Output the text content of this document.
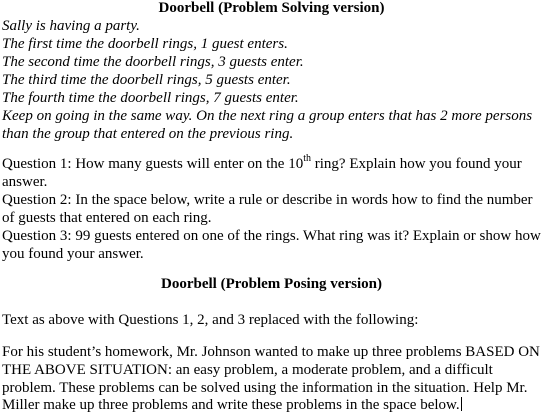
Doorbell (Problem Solving version)
Sally is having a party.
The first time the doorbell rings, 1 guest enters.
The second time the doorbell rings, 3 guests enter.
The third time the doorbell rings, 5 guests enter.
The fourth time the doorbell rings, 7 guests enter.
Keep on going in the same way. On the next ring a group enters that has 2 more persons
than the group that entered on the previous ring.
Question 1: How many guests will enter on the 10th ring? Explain how you found your
answer.
Question 2: In the space below, write a rule or describe in words how to find the number
of guests that entered on each ring.
Question 3: 99 guests entered on one of the rings. What ring was it? Explain or show how
you found your answer.
Doorbell (Problem Posing version)
Text as above with Questions 1, 2, and 3 replaced with the following:
For his student’s homework, Mr. Johnson wanted to make up three problems BASED ON
THE ABOVE SITUATION: an easy problem, a moderate problem, and a difficult
problem. These problems can be solved using the information in the situation. Help Mr.
Miller make up three problems and write these problems in the space below.
